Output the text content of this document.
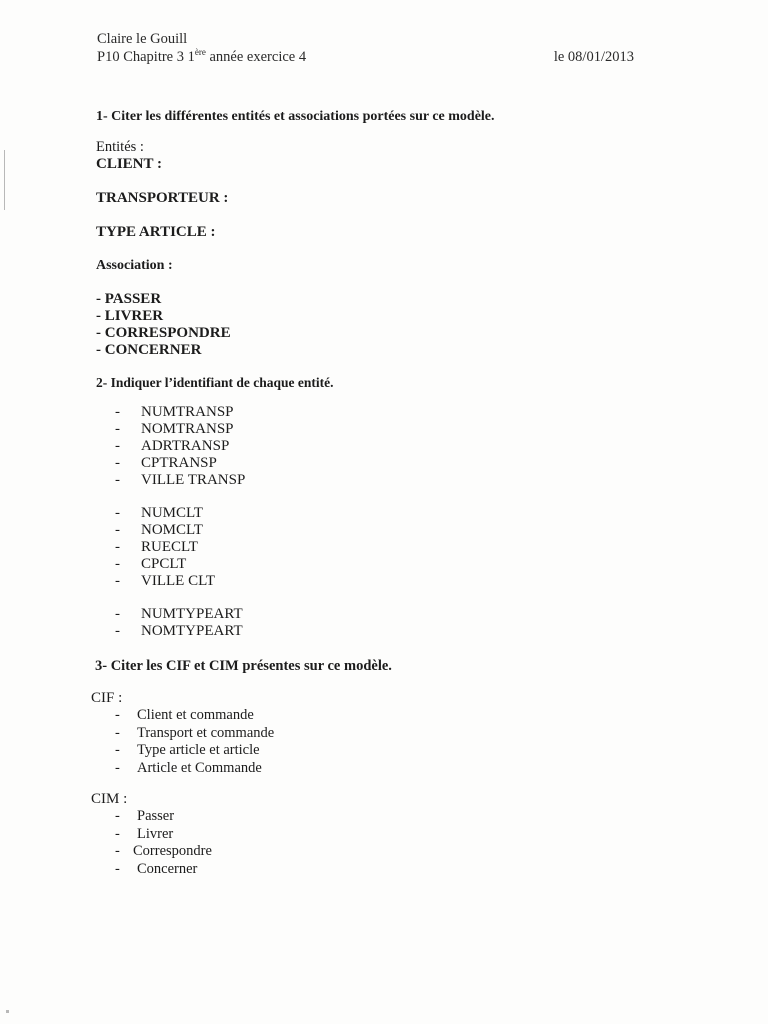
Claire le Gouill
P10 Chapitre 3 1ère année exercice 4	le 08/01/2013
1- Citer les différentes entités et associations portées sur ce modèle.
Entités :
CLIENT :
TRANSPORTEUR :
TYPE ARTICLE :
Association :
- PASSER
- LIVRER
- CORRESPONDRE
- CONCERNER
2- Indiquer l’identifiant de chaque entité.
- NUMTRANSP
- NOMTRANSP
- ADRTRANSP
- CPTRANSP
- VILLE TRANSP
- NUMCLT
- NOMCLT
- RUECLT
- CPCLT
- VILLE CLT
- NUMTYPEART
- NOMTYPEART
3- Citer les CIF et CIM présentes sur ce modèle.
CIF :
- Client et commande
- Transport et commande
- Type article et article
- Article et Commande
CIM :
- Passer
- Livrer
- Correspondre
- Concerner
